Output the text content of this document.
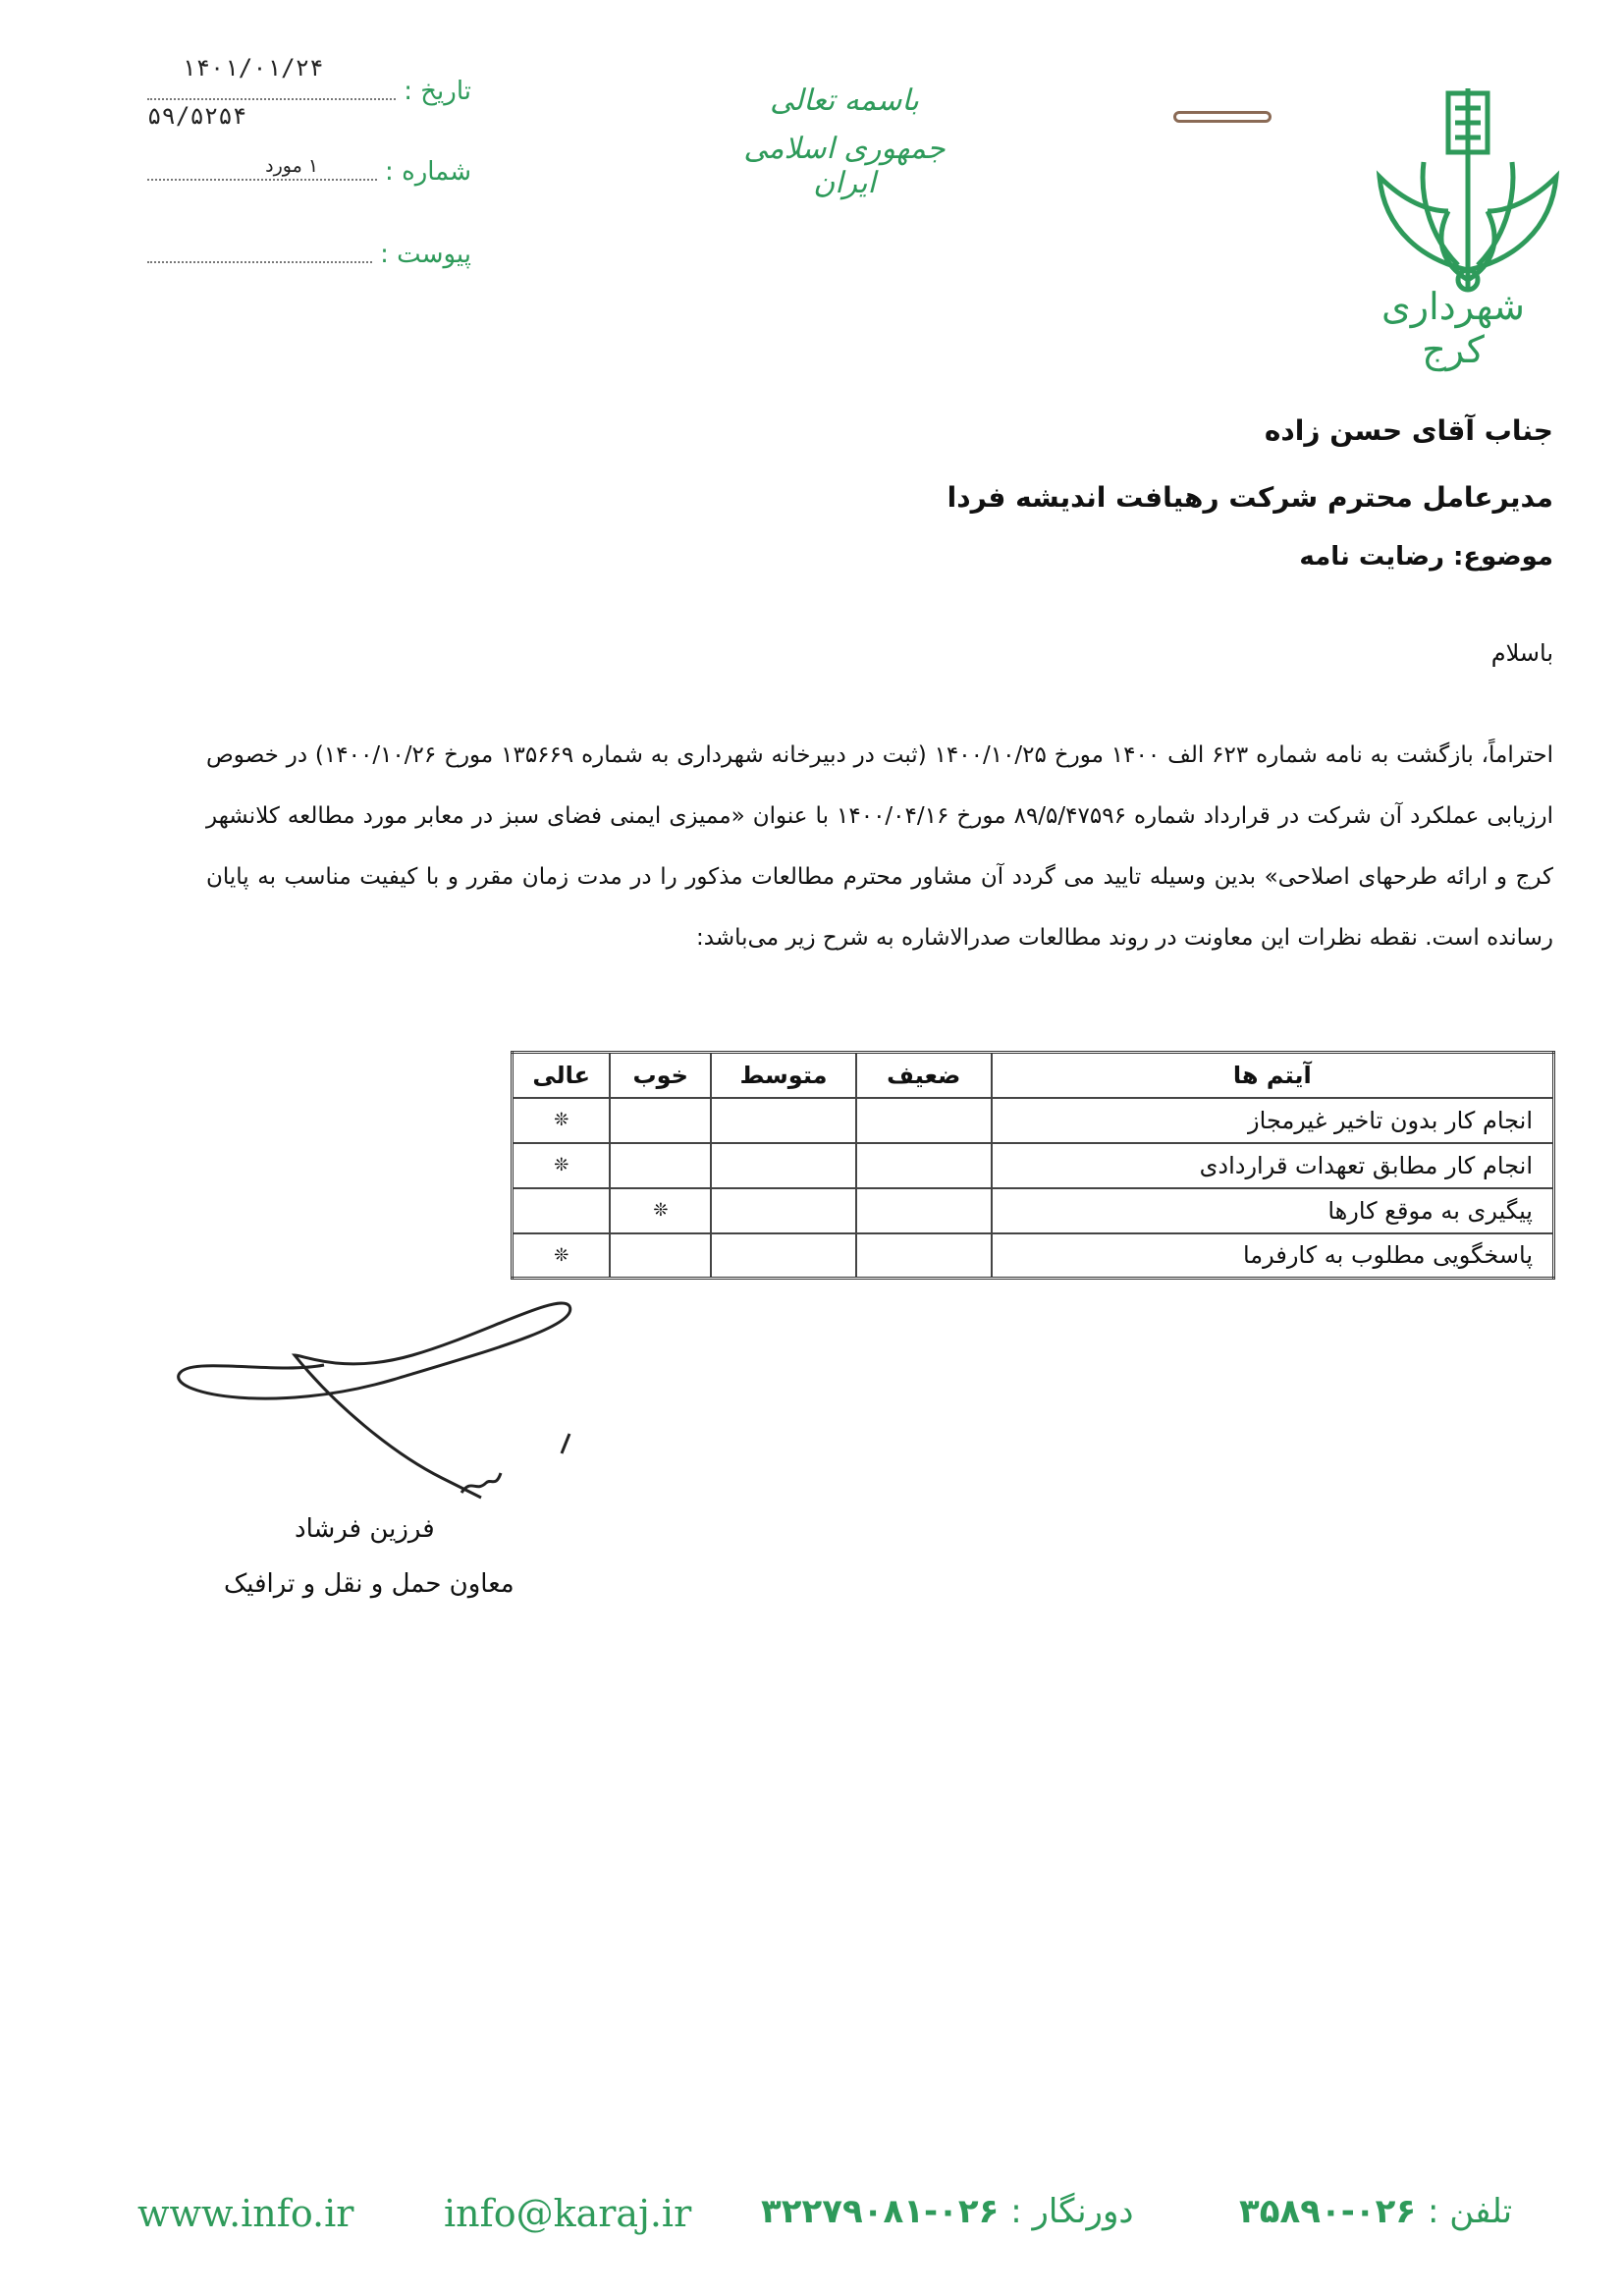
۱۴۰۱/۰۱/۲۴
تاریخ :
۵۹/۵۲۵۴
شماره :
۱ مورد
پیوست :
باسمه تعالی
جمهوری اسلامی ایران
شهرداری کرج
جناب آقای حسن زاده
مدیرعامل محترم شرکت رهیافت اندیشه فردا
موضوع: رضایت نامه
باسلام
احتراماً، بازگشت به نامه شماره ۶۲۳ الف ۱۴۰۰ مورخ ۱۴۰۰/۱۰/۲۵ (ثبت در دبیرخانه شهرداری به شماره ۱۳۵۶۶۹ مورخ ۱۴۰۰/۱۰/۲۶) در خصوص ارزیابی عملکرد آن شرکت در قرارداد شماره ۸۹/۵/۴۷۵۹۶ مورخ ۱۴۰۰/۰۴/۱۶ با عنوان «ممیزی ایمنی فضای سبز در معابر مورد مطالعه کلانشهر کرج و ارائه طرحهای اصلاحی» بدین وسیله تایید می گردد آن مشاور محترم مطالعات مذکور را در مدت زمان مقرر و با کیفیت مناسب به پایان رسانده است. نقطه نظرات این معاونت در روند مطالعات صدرالاشاره به شرح زیر می‌باشد:
آیتم ها	ضعیف	متوسط	خوب	عالی
انجام کار بدون تاخیر غیرمجاز				❊
انجام کار مطابق تعهدات قراردادی				❊
پیگیری به موقع کارها			❊	
پاسخگویی مطلوب به کارفرما				❊
فرزین فرشاد
معاون حمل و نقل و ترافیک
www.info.ir info@karaj.ir	دورنگار : ۰۲۶-۳۲۲۷۹۰۸۱	تلفن : ۰۲۶-۳۵۸۹۰
